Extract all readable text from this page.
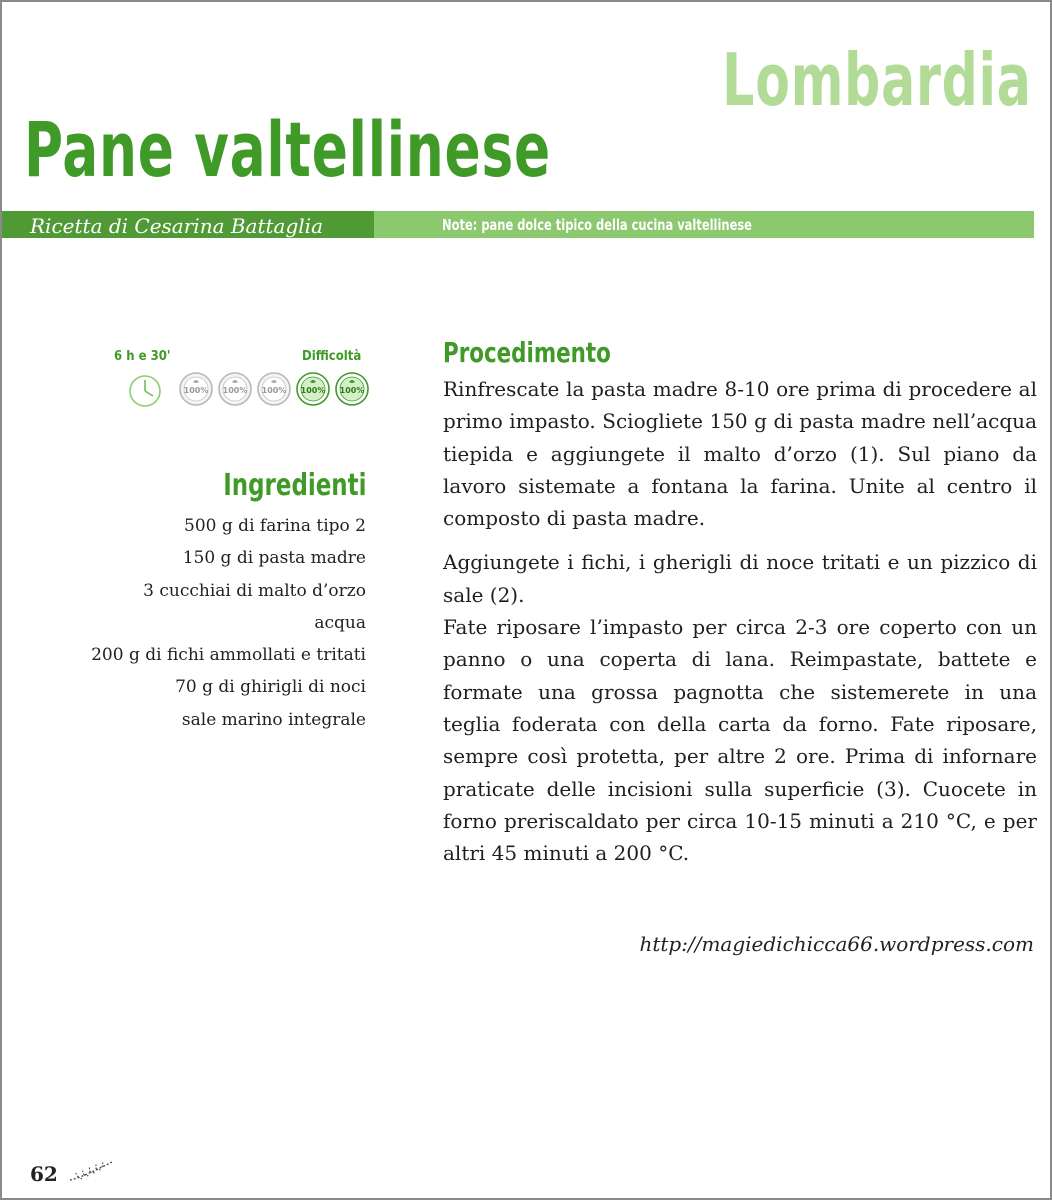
Lombardia
Pane valtellinese
Ricetta di Cesarina Battaglia	Note: pane dolce tipico della cucina valtellinese
6 h e 30'	Difficoltà
100% 100% 100% 100% 100%
Ingredienti
500 g di farina tipo 2
150 g di pasta madre
3 cucchiai di malto d’orzo
acqua
200 g di fichi ammollati e tritati
70 g di ghirigli di noci
sale marino integrale
Procedimento

Rinfrescate la pasta madre 8-10 ore prima di procedere al primo impasto. Sciogliete 150 g di pasta madre nell’acqua tiepida e aggiungete il malto d’orzo (1). Sul piano da lavoro sistemate a fontana la farina. Unite al centro il composto di pasta madre.

Aggiungete i fichi, i gherigli di noce tritati e un pizzico di sale (2).

Fate riposare l’impasto per circa 2-3 ore coperto con un panno o una coperta di lana. Reimpastate, battete e formate una grossa pagnotta che sistemerete in una teglia foderata con della carta da forno. Fate riposare, sempre così protetta, per altre 2 ore. Prima di infornare praticate delle incisioni sulla superficie (3). Cuocete in forno preriscaldato per circa 10-15 minuti a 210 °C, e per altri 45 minuti a 200 °C.

http://magiedichicca66.wordpress.com
62
